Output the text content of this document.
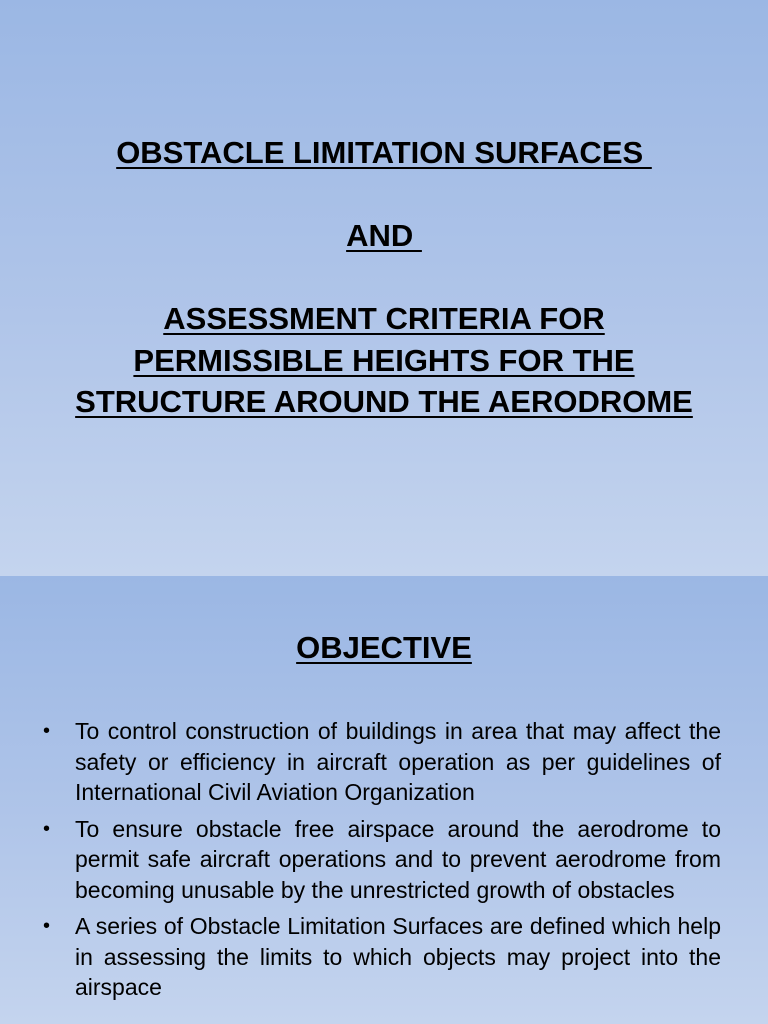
OBSTACLE LIMITATION SURFACES
AND
ASSESSMENT CRITERIA FOR
PERMISSIBLE HEIGHTS FOR THE
STRUCTURE AROUND THE AERODROME
OBJECTIVE
• To control construction of buildings in area that may affect the safety or efficiency in aircraft operation as per guidelines of International Civil Aviation Organization
• To ensure obstacle free airspace around the aerodrome to permit safe aircraft operations and to prevent aerodrome from becoming unusable by the unrestricted growth of obstacles
• A series of Obstacle Limitation Surfaces are defined which help in assessing the limits to which objects may project into the airspace
